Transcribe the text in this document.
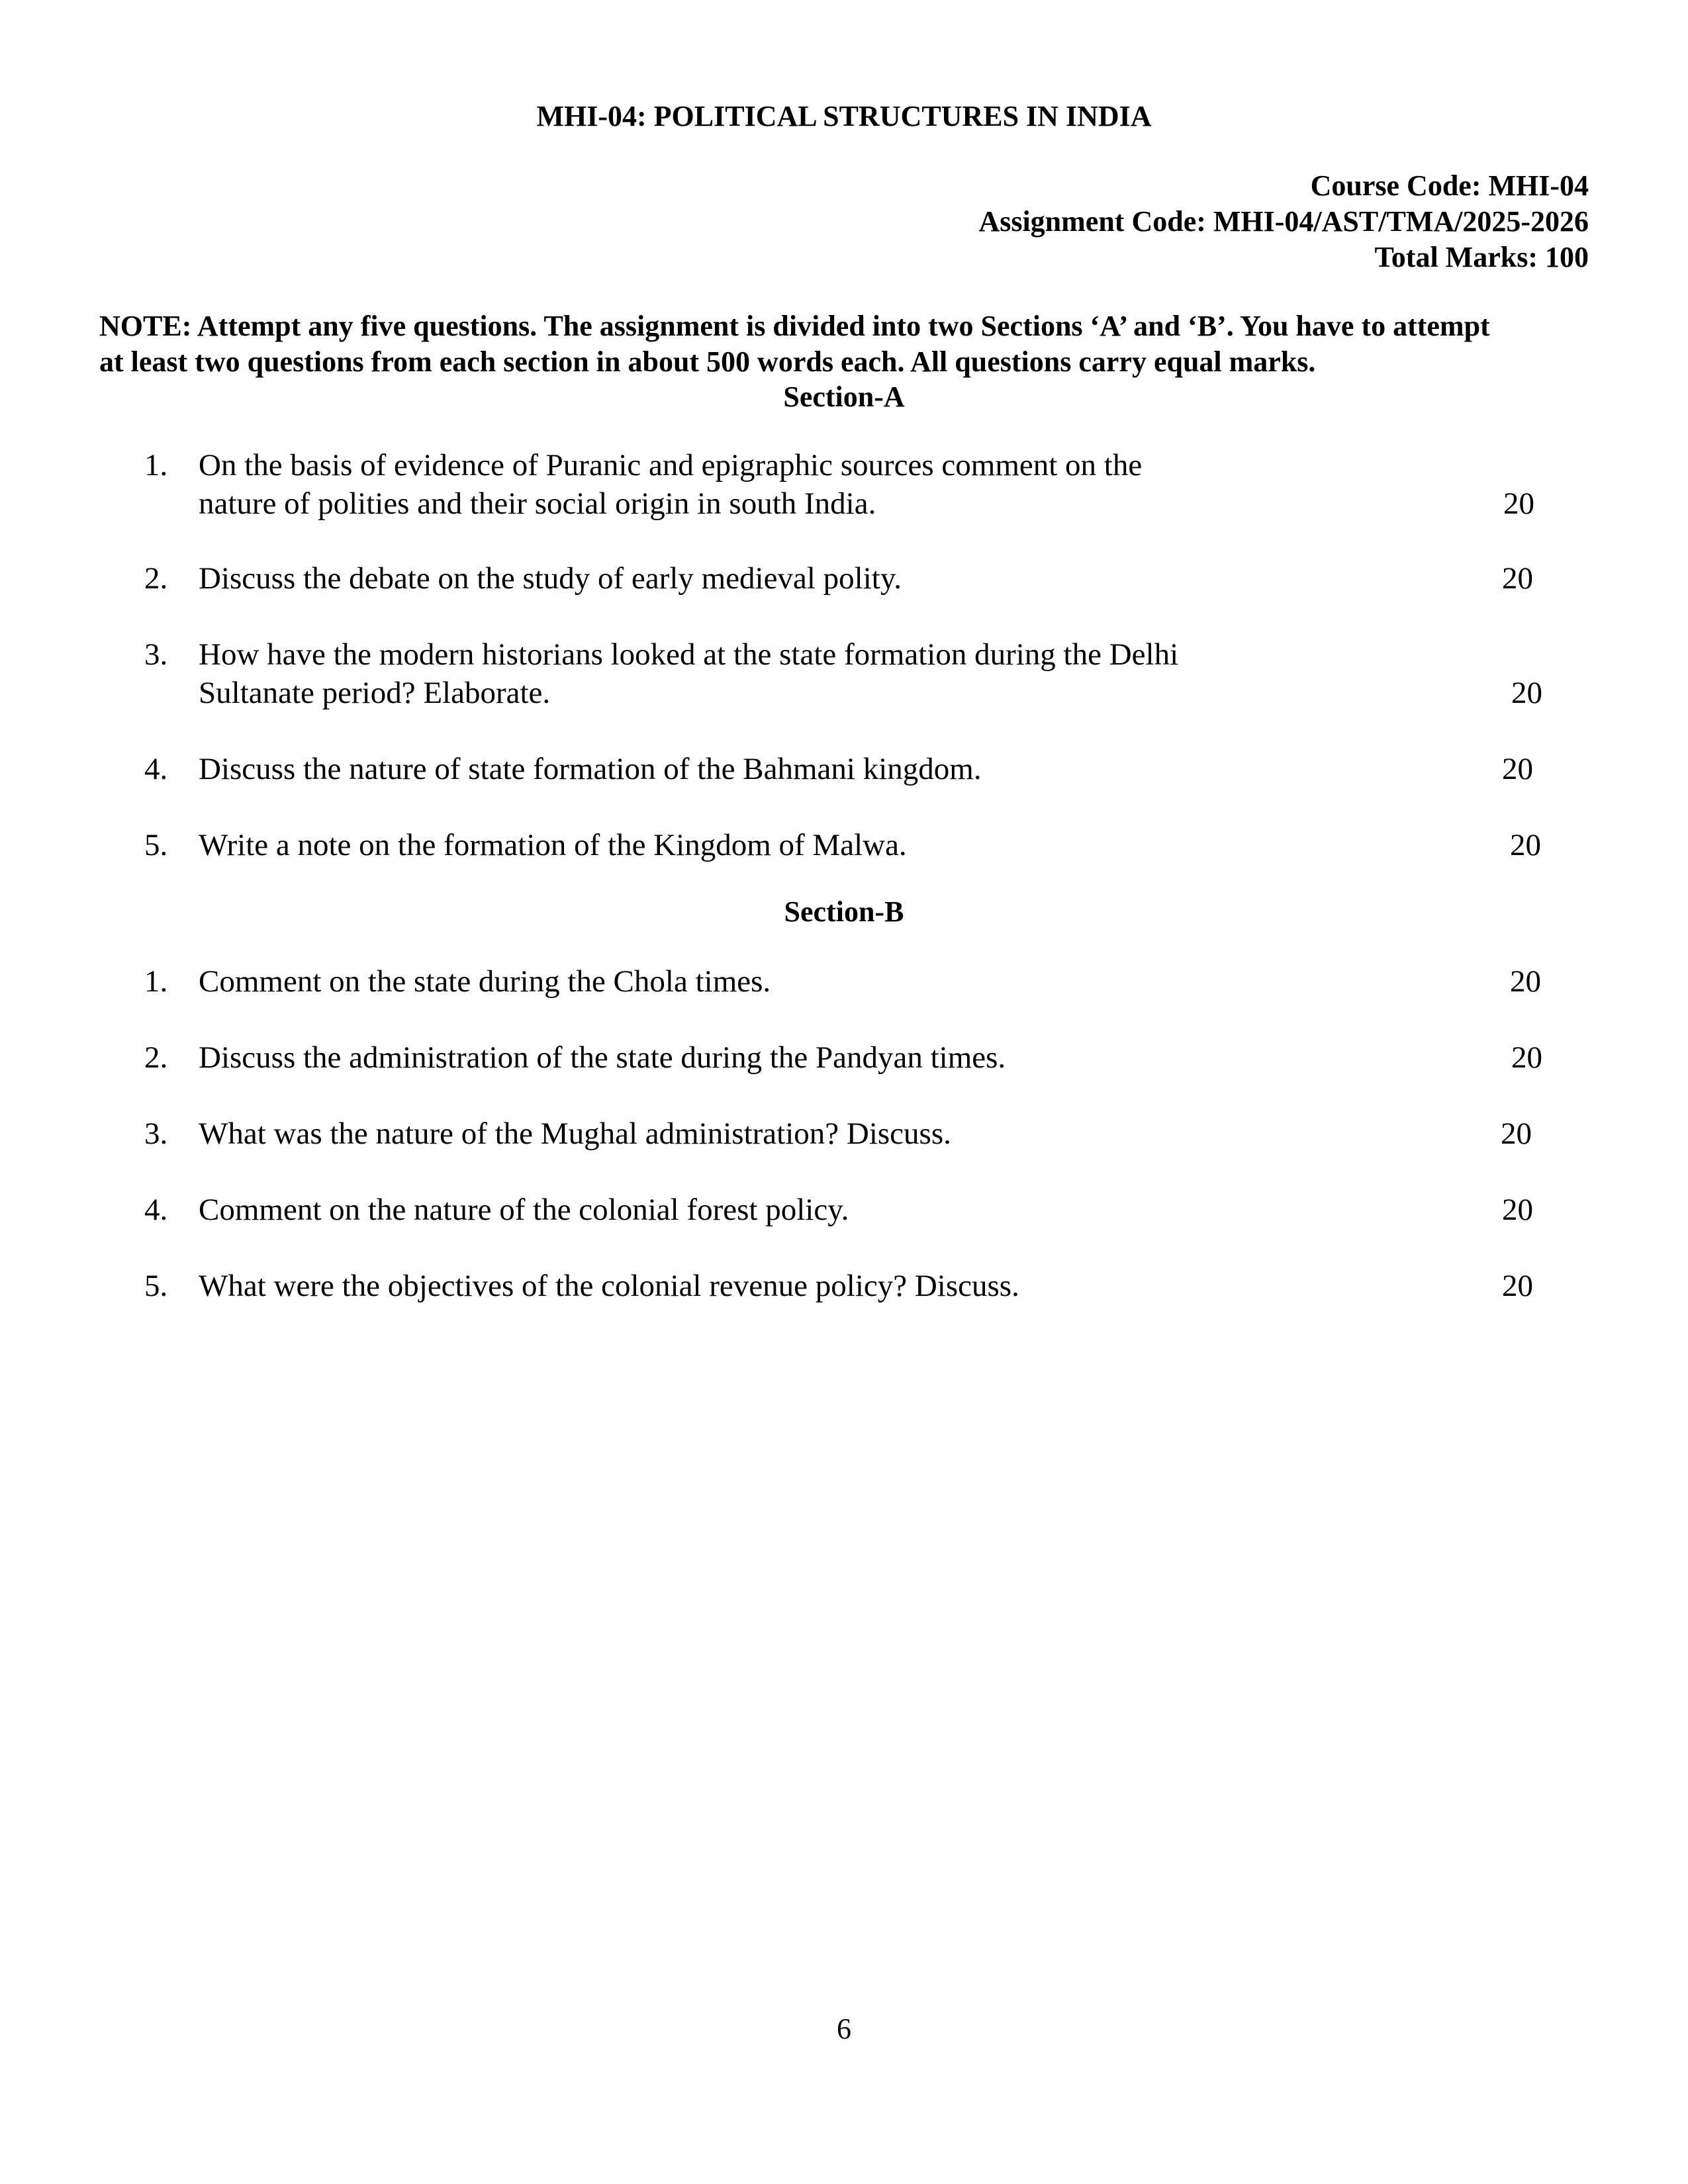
MHI-04: POLITICAL STRUCTURES IN INDIA
Course Code: MHI-04
Assignment Code: MHI-04/AST/TMA/2025-2026
Total Marks: 100
NOTE: Attempt any five questions. The assignment is divided into two Sections ‘A’ and ‘B’. You have to attempt
at least two questions from each section in about 500 words each. All questions carry equal marks.
Section-A
1. On the basis of evidence of Puranic and epigraphic sources comment on the
nature of polities and their social origin in south India.	20
2. Discuss the debate on the study of early medieval polity.	20
3. How have the modern historians looked at the state formation during the Delhi
Sultanate period? Elaborate.	20
4. Discuss the nature of state formation of the Bahmani kingdom.	20
5. Write a note on the formation of the Kingdom of Malwa.	20
Section-B
1. Comment on the state during the Chola times.	20
2. Discuss the administration of the state during the Pandyan times.	20
3. What was the nature of the Mughal administration? Discuss.	20
4. Comment on the nature of the colonial forest policy.	20
5. What were the objectives of the colonial revenue policy? Discuss.	20
6
